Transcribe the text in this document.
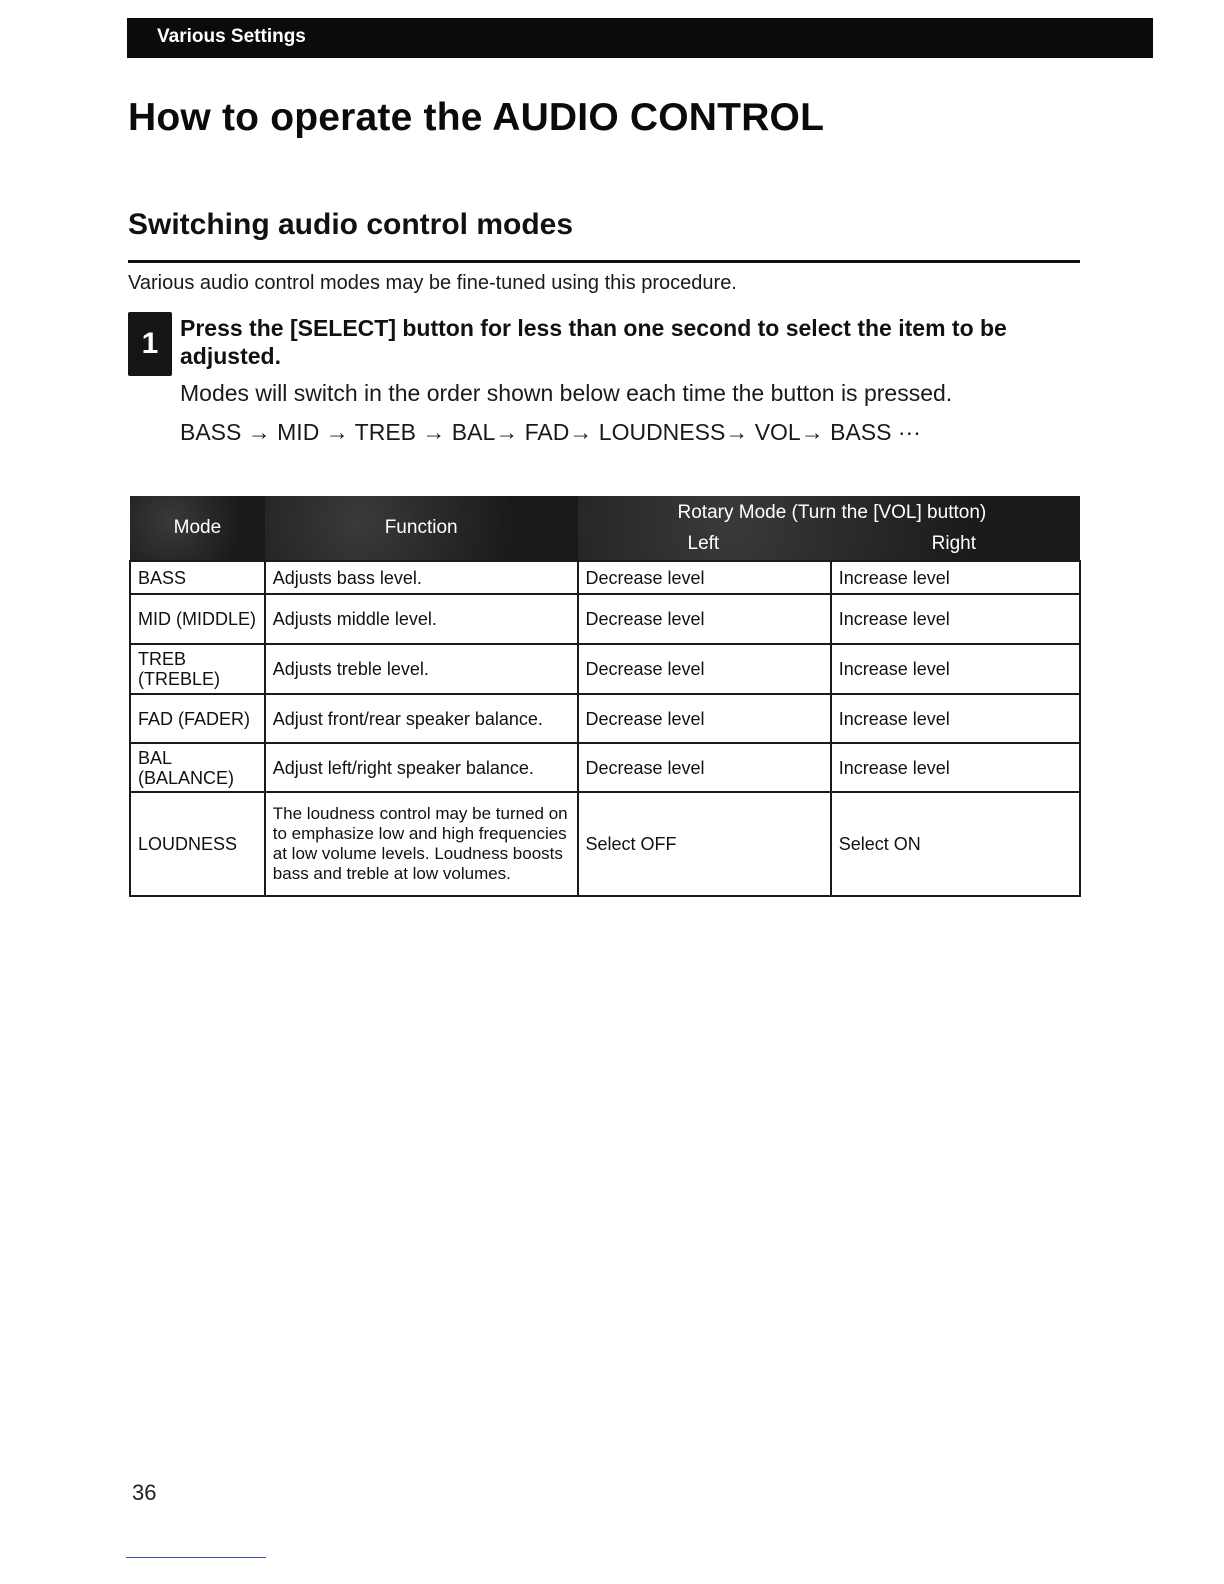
Various Settings
How to operate the AUDIO CONTROL
Switching audio control modes
Various audio control modes may be fine-tuned using this procedure.
1 Press the [SELECT] button for less than one second to select the item to be adjusted.
Modes will switch in the order shown below each time the button is pressed.
BASS → MID → TREB → BAL→ FAD→ LOUDNESS→ VOL→ BASS ···
Mode	Function	Rotary Mode (Turn the [VOL] button)
Left Right	

BASS	Adjusts bass level.	Decrease level	Increase level
MID (MIDDLE)	Adjusts middle level.	Decrease level	Increase level
TREB (TREBLE)	Adjusts treble level.	Decrease level	Increase level
FAD (FADER)	Adjust front/rear speaker balance.	Decrease level	Increase level
BAL (BALANCE)	Adjust left/right speaker balance.	Decrease level	Increase level
LOUDNESS	The loudness control may be turned on to emphasize low and high frequencies at low volume levels. Loudness boosts bass and treble at low volumes.	Select OFF	Select ON
36
